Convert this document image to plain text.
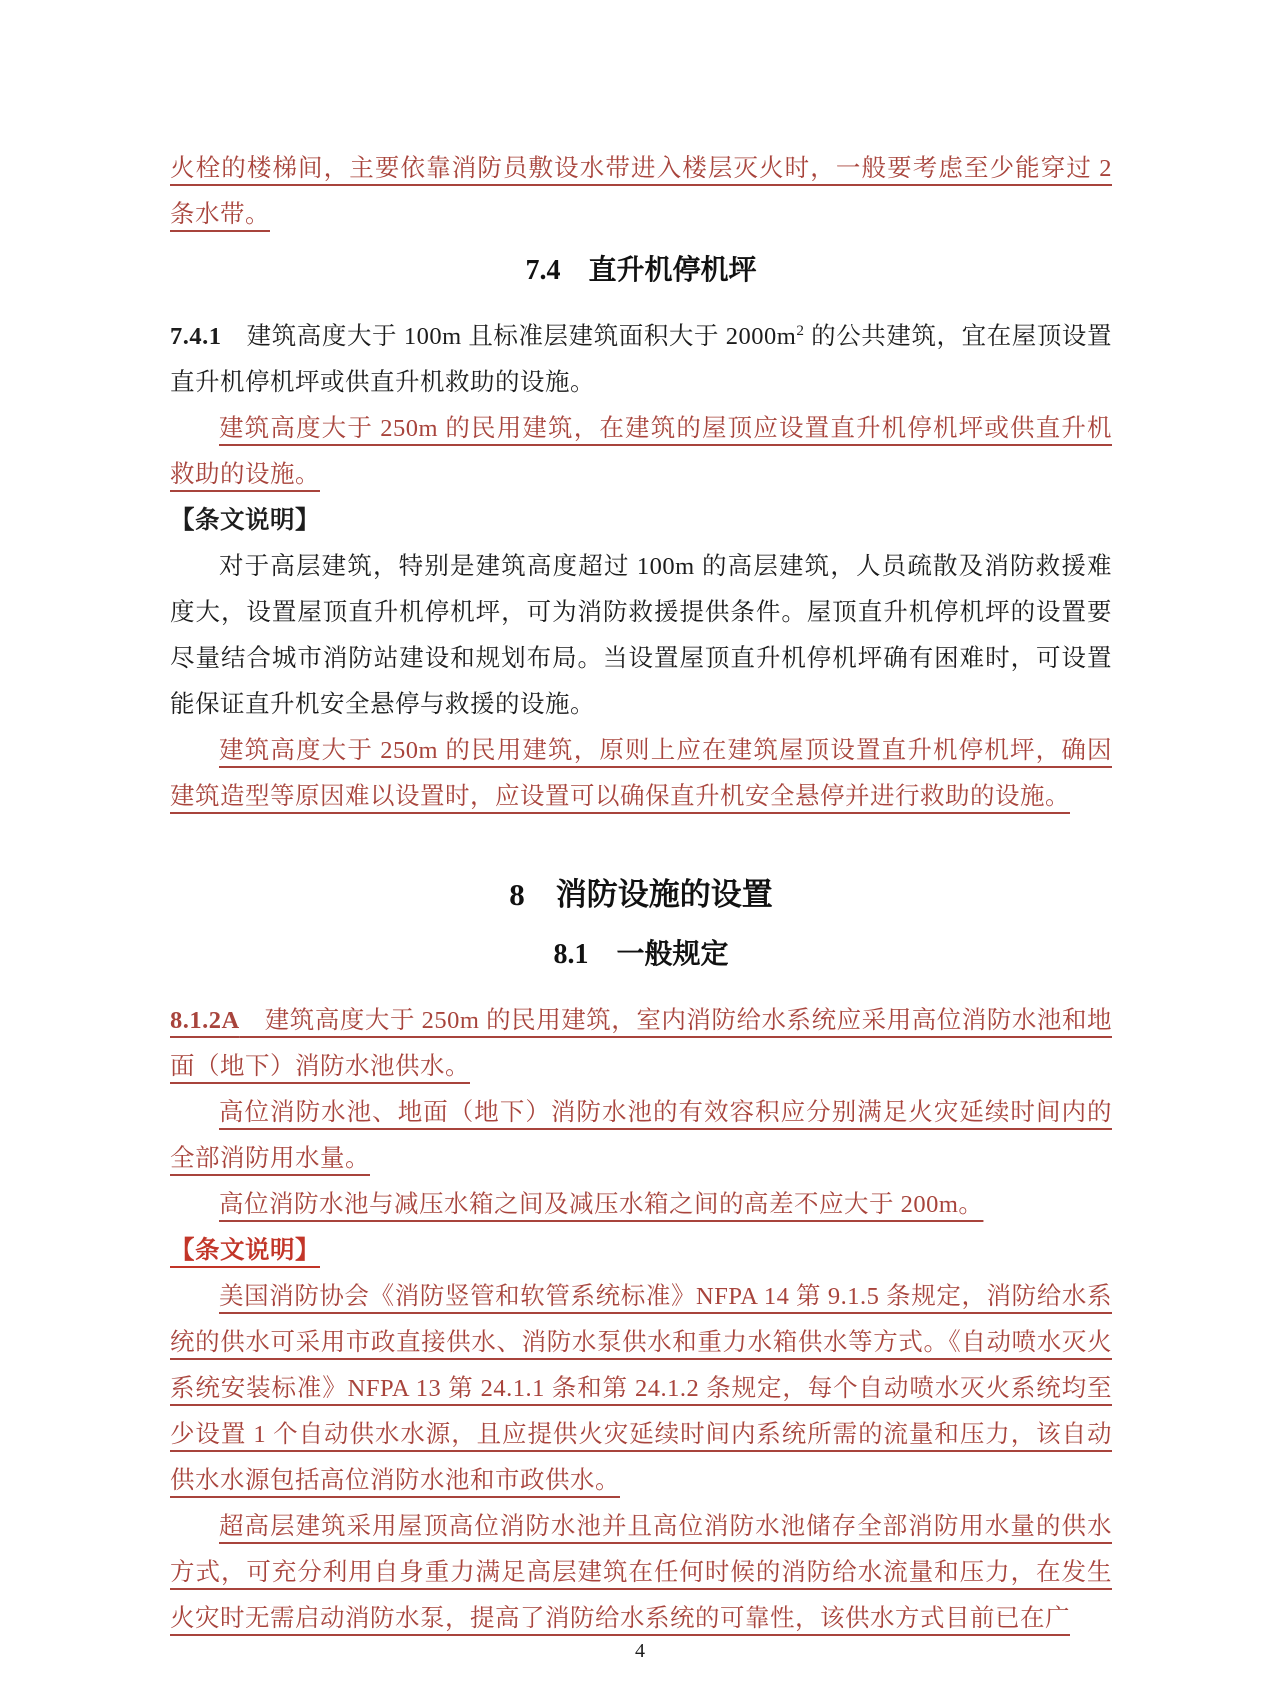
火栓的楼梯间，主要依靠消防员敷设水带进入楼层灭火时，一般要考虑至少能穿过 2 条水带。

7.4　直升机停机坪

7.4.1　建筑高度大于 100m 且标准层建筑面积大于 $2000m^2$ 的公共建筑，宜在屋顶设置直升机停机坪或供直升机救助的设施。

建筑高度大于 250m 的民用建筑，在建筑的屋顶应设置直升机停机坪或供直升机救助的设施。

【条文说明】

对于高层建筑，特别是建筑高度超过 100m 的高层建筑，人员疏散及消防救援难度大，设置屋顶直升机停机坪，可为消防救援提供条件。屋顶直升机停机坪的设置要尽量结合城市消防站建设和规划布局。当设置屋顶直升机停机坪确有困难时，可设置能保证直升机安全悬停与救援的设施。

建筑高度大于 250m 的民用建筑，原则上应在建筑屋顶设置直升机停机坪，确因建筑造型等原因难以设置时，应设置可以确保直升机安全悬停并进行救助的设施。

8　消防设施的设置
8.1　一般规定

8.1.2A　建筑高度大于 250m 的民用建筑，室内消防给水系统应采用高位消防水池和地面（地下）消防水池供水。

高位消防水池、地面（地下）消防水池的有效容积应分别满足火灾延续时间内的全部消防用水量。

高位消防水池与减压水箱之间及减压水箱之间的高差不应大于 200m。

【条文说明】

美国消防协会《消防竖管和软管系统标准》NFPA 14 第 9.1.5 条规定，消防给水系统的供水可采用市政直接供水、消防水泵供水和重力水箱供水等方式。《自动喷水灭火系统安装标准》NFPA 13 第 24.1.1 条和第 24.1.2 条规定，每个自动喷水灭火系统均至少设置 1 个自动供水水源，且应提供火灾延续时间内系统所需的流量和压力，该自动供水水源包括高位消防水池和市政供水。

超高层建筑采用屋顶高位消防水池并且高位消防水池储存全部消防用水量的供水方式，可充分利用自身重力满足高层建筑在任何时候的消防给水流量和压力，在发生火灾时无需启动消防水泵，提高了消防给水系统的可靠性，该供水方式目前已在广

4
